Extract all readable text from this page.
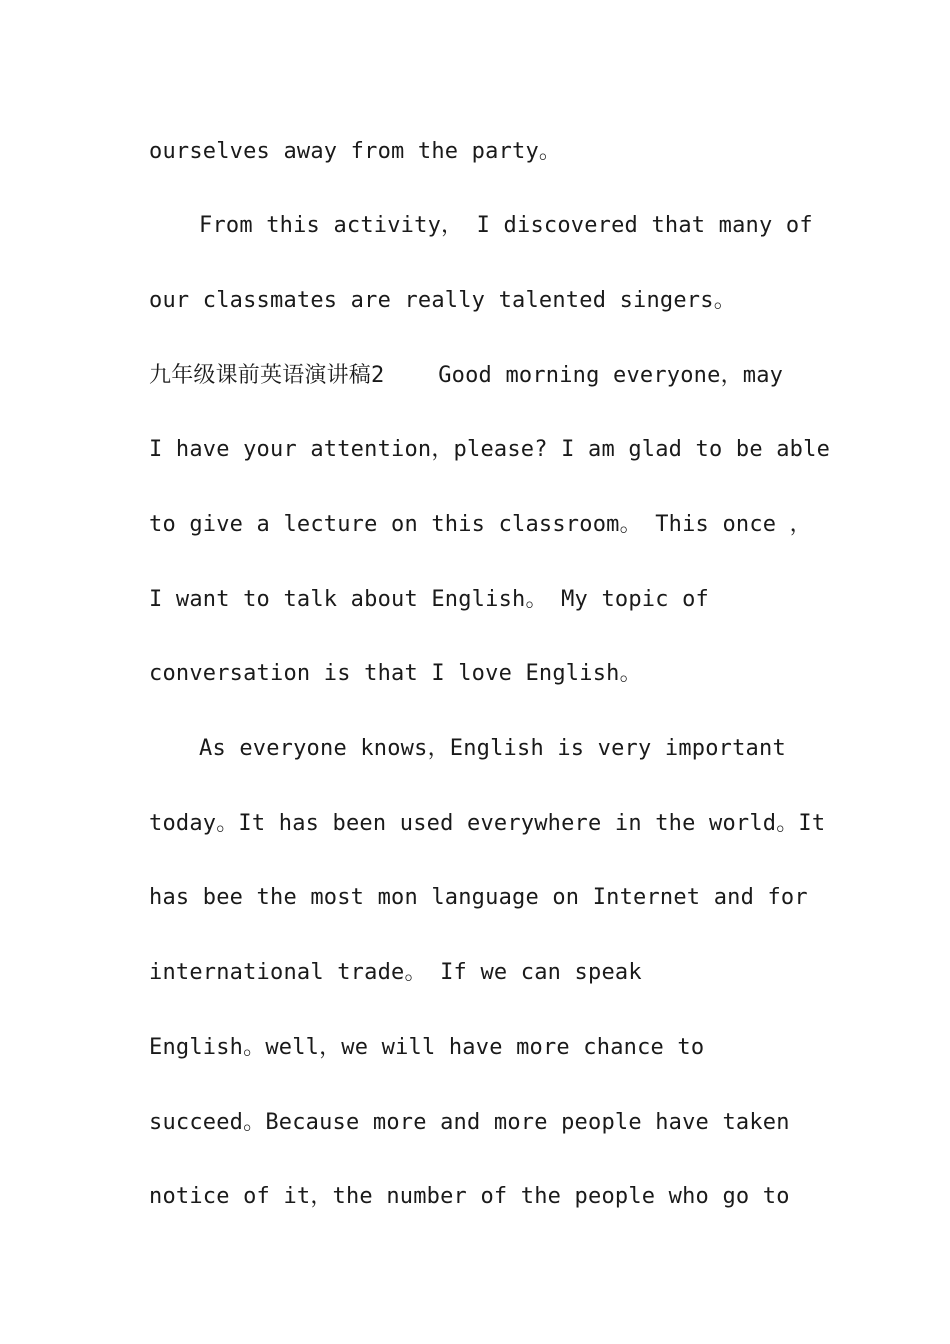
ourselves away from the party。
From this activity， I discovered that many of
our classmates are really talented singers。
九年级课前英语演讲稿2    Good morning everyone，may
I have your attention，please? I am glad to be able
to give a lecture on this classroom。 This once ，
I want to talk about English。 My topic of
conversation is that I love English。
As everyone knows，English is very important
today。It has been used everywhere in the world。It
has bee the most mon language on Internet and for
international trade。 If we can speak
English。well，we will have more chance to
succeed。Because more and more people have taken
notice of it，the number of the people who go to
